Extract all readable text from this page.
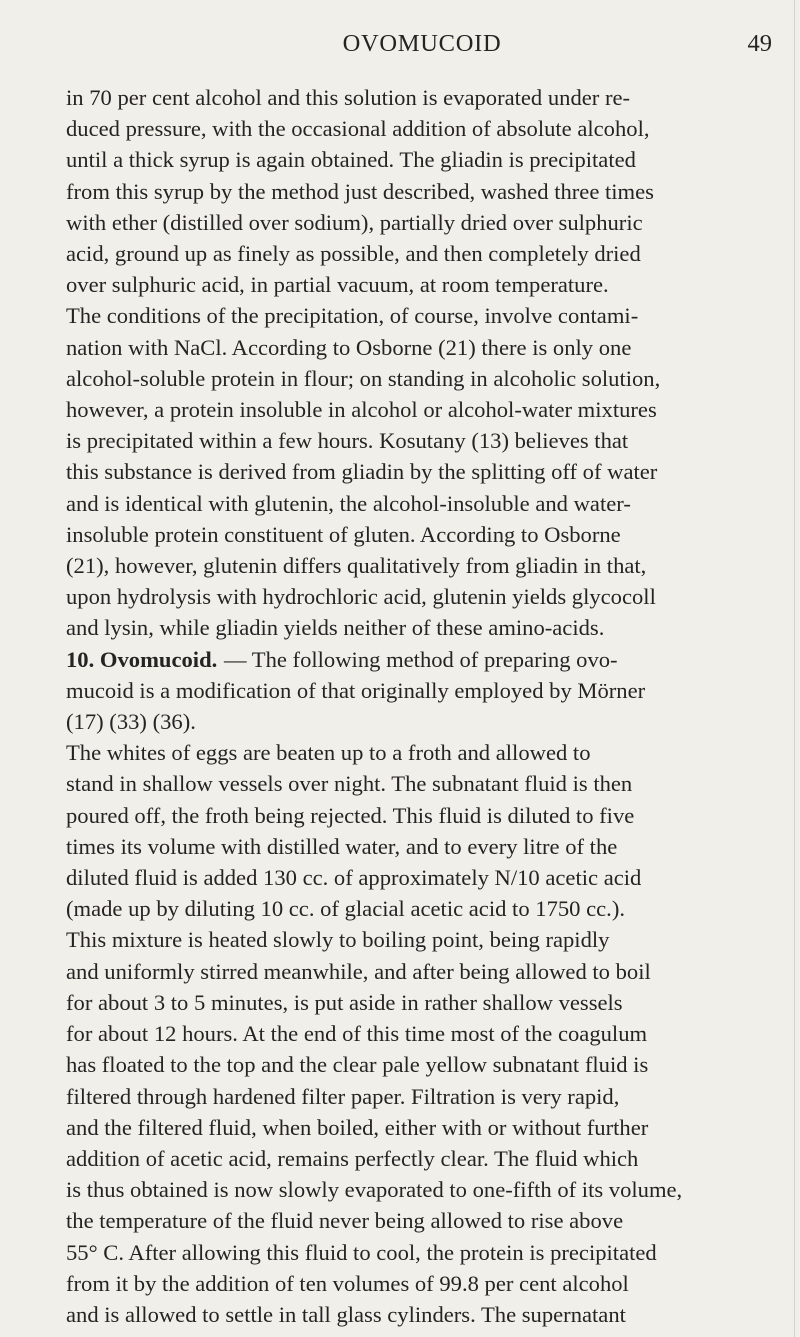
OVOMUCOID	49

in 70 per cent alcohol and this solution is evaporated under re-
duced pressure, with the occasional addition of absolute alcohol,
until a thick syrup is again obtained. The gliadin is precipitated
from this syrup by the method just described, washed three times
with ether (distilled over sodium), partially dried over sulphuric
acid, ground up as finely as possible, and then completely dried
over sulphuric acid, in partial vacuum, at room temperature.
The conditions of the precipitation, of course, involve contami-
nation with NaCl. According to Osborne (21) there is only one
alcohol-soluble protein in flour; on standing in alcoholic solution,
however, a protein insoluble in alcohol or alcohol-water mixtures
is precipitated within a few hours. Kosutany (13) believes that
this substance is derived from gliadin by the splitting off of water
and is identical with glutenin, the alcohol-insoluble and water-
insoluble protein constituent of gluten. According to Osborne
(21), however, glutenin differs qualitatively from gliadin in that,
upon hydrolysis with hydrochloric acid, glutenin yields glycocoll
and lysin, while gliadin yields neither of these amino-acids.

10. Ovomucoid. — The following method of preparing ovo-
mucoid is a modification of that originally employed by Mörner
(17) (33) (36).

The whites of eggs are beaten up to a froth and allowed to
stand in shallow vessels over night. The subnatant fluid is then
poured off, the froth being rejected. This fluid is diluted to five
times its volume with distilled water, and to every litre of the
diluted fluid is added 130 cc. of approximately N/10 acetic acid
(made up by diluting 10 cc. of glacial acetic acid to 1750 cc.).
This mixture is heated slowly to boiling point, being rapidly
and uniformly stirred meanwhile, and after being allowed to boil
for about 3 to 5 minutes, is put aside in rather shallow vessels
for about 12 hours. At the end of this time most of the coagulum
has floated to the top and the clear pale yellow subnatant fluid is
filtered through hardened filter paper. Filtration is very rapid,
and the filtered fluid, when boiled, either with or without further
addition of acetic acid, remains perfectly clear. The fluid which
is thus obtained is now slowly evaporated to one-fifth of its volume,
the temperature of the fluid never being allowed to rise above
55° C. After allowing this fluid to cool, the protein is precipitated
from it by the addition of ten volumes of 99.8 per cent alcohol
and is allowed to settle in tall glass cylinders. The supernatant
